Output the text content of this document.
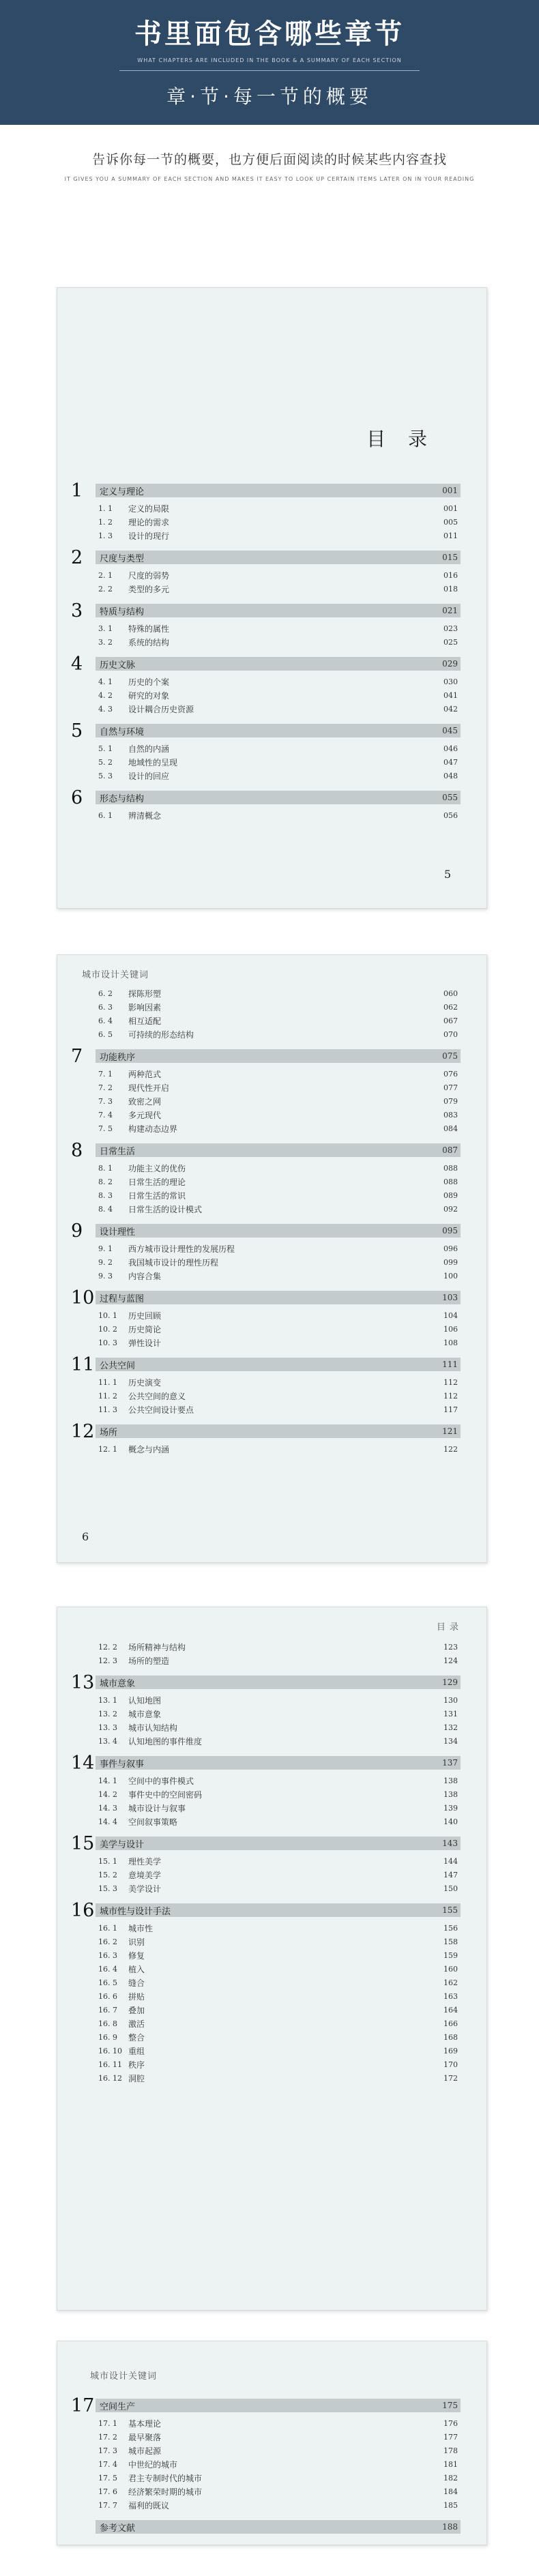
书里面包含哪些章节
WHAT CHAPTERS ARE INCLUDED IN THE BOOK & A SUMMARY OF EACH SECTION
章·节·每一节的概要
告诉你每一节的概要，也方便后面阅读的时候某些内容查找
IT GIVES YOU A SUMMARY OF EACH SECTION AND MAKES IT EASY TO LOOK UP CERTAIN ITEMS LATER ON IN YOUR READING
目 录
1	定义与理论	001
1. 1	定义的局限	001
1. 2	理论的需求	005
1. 3	设计的现行	011
2	尺度与类型	015
2. 1	尺度的弱势	016
2. 2	类型的多元	018
3	特质与结构	021
3. 1	特殊的属性	023
3. 2	系统的结构	025
4	历史文脉	029
4. 1	历史的个案	030
4. 2	研究的对象	041
4. 3	设计耦合历史资源	042
5	自然与环境	045
5. 1	自然的内涵	046
5. 2	地域性的呈现	047
5. 3	设计的回应	048
6	形态与结构	055
6. 1	辨清概念	056
5
城市设计关键词
6. 2	探陈形塑	060
6. 3	影响因素	062
6. 4	相互适配	067
6. 5	可持续的形态结构	070
7	功能秩序	075
7. 1	两种范式	076
7. 2	现代性开启	077
7. 3	致密之网	079
7. 4	多元现代	083
7. 5	构建动态边界	084
8	日常生活	087
8. 1	功能主义的优伤	088
8. 2	日常生活的理论	088
8. 3	日常生活的常识	089
8. 4	日常生活的设计模式	092
9	设计理性	095
9. 1	西方城市设计理性的发展历程	096
9. 2	我国城市设计的理性历程	099
9. 3	内容合集	100
10 过程与蓝图	103
10. 1	历史回顾	104
10. 2	历史简论	106
10. 3	弹性设计	108
11 公共空间	111
11. 1	历史演变	112
11. 2	公共空间的意义	112
11. 3	公共空间设计要点	117
12 场所	121
12. 1	概念与内涵	122
6
目 录
12. 2	场所精神与结构	123
12. 3	场所的塑造	124
13 城市意象	129
13. 1	认知地图	130
13. 2	城市意象	131
13. 3	城市认知结构	132
13. 4	认知地图的事件维度	134
14 事件与叙事	137
14. 1	空间中的事件模式	138
14. 2	事件史中的空间密码	138
14. 3	城市设计与叙事	139
14. 4	空间叙事策略	140
15 美学与设计	143
15. 1	理性美学	144
15. 2	意境美学	147
15. 3	美学设计	150
16 城市性与设计手法	155
16. 1	城市性	156
16. 2	识别	158
16. 3	修复	159
16. 4	植入	160
16. 5	缝合	162
16. 6	拼贴	163
16. 7	叠加	164
16. 8	激活	166
16. 9	整合	168
16. 10 重组	169
16. 11 秩序	170
16. 12 洞腔	172
城市设计关键词
17 空间生产	175
17. 1	基本理论	176
17. 2	最早聚落	177
17. 3	城市起源	178
17. 4	中世纪的城市	181
17. 5	君主专制时代的城市	182
17. 6	经济繁荣时期的城市	184
17. 7	福利的既议	185
参考文献	188
